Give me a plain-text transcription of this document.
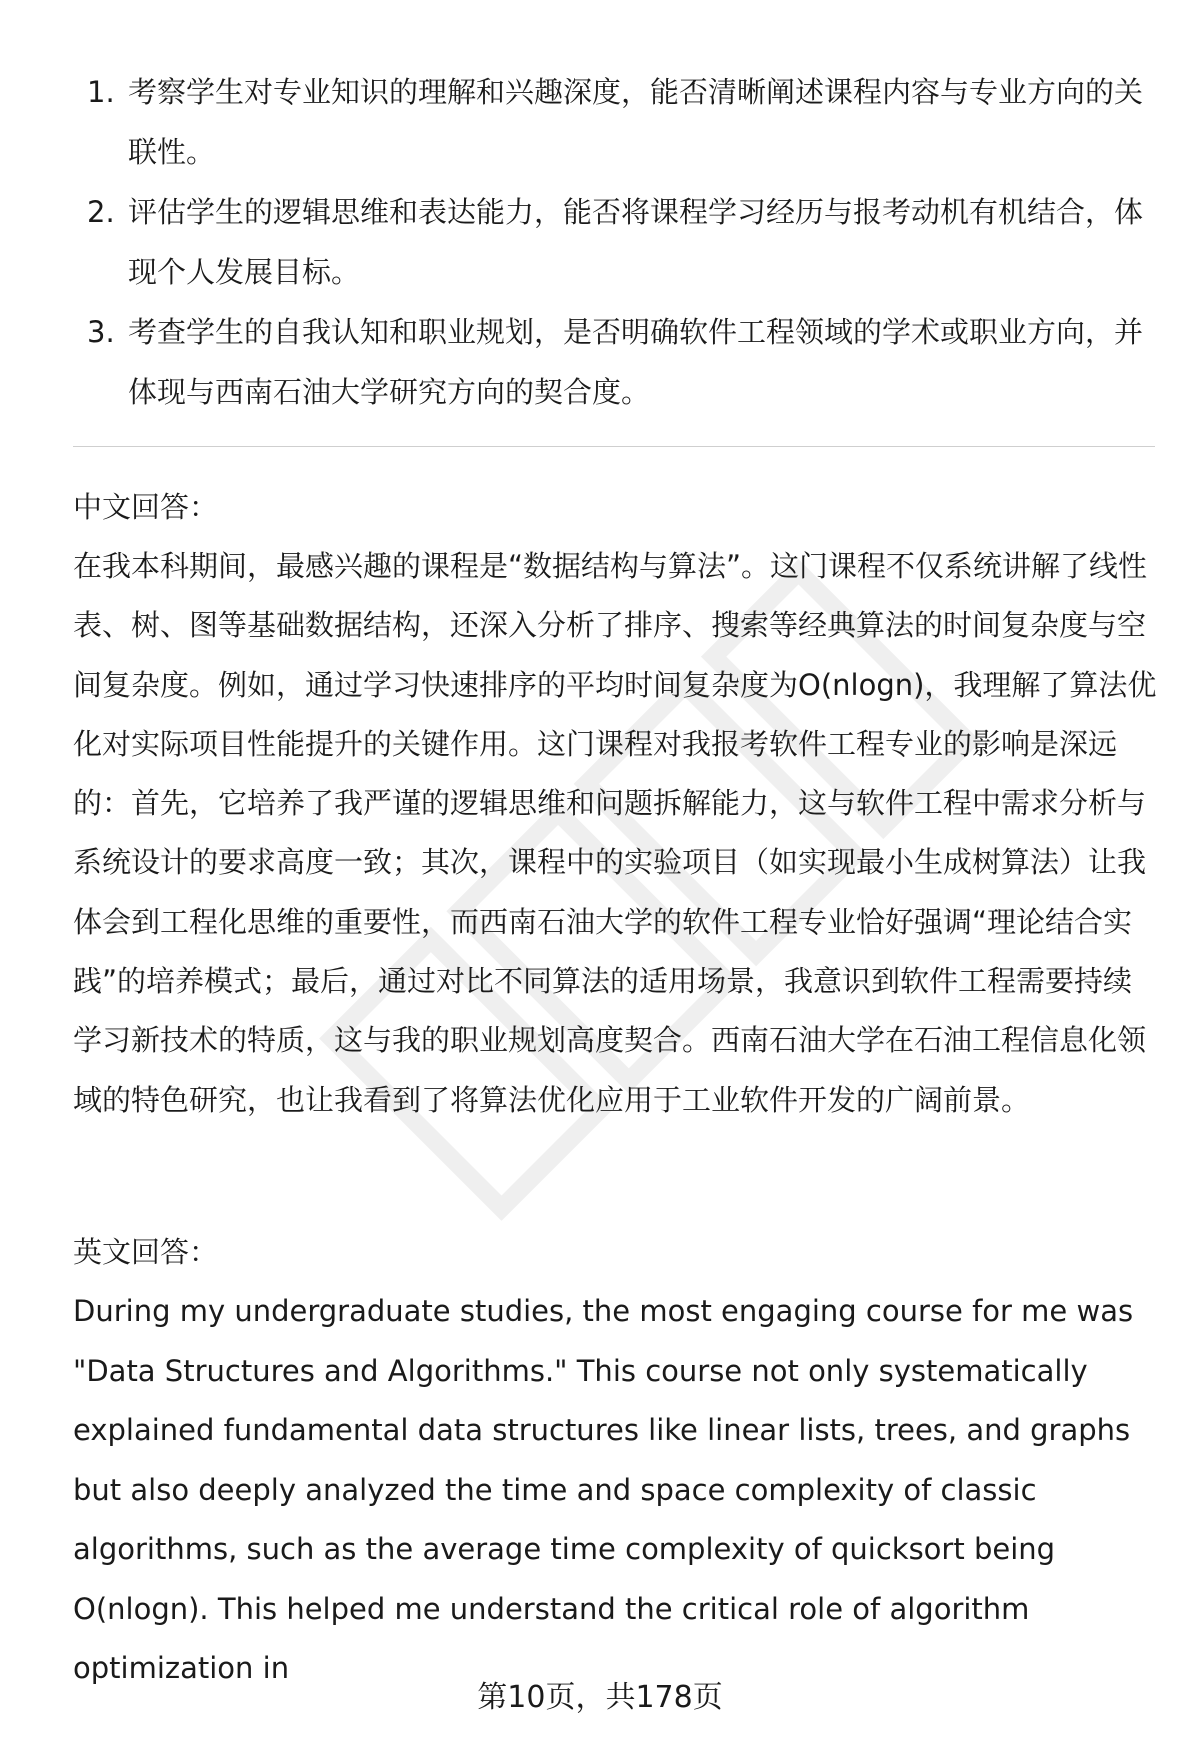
1. 考察学生对专业知识的理解和兴趣深度，能否清晰阐述课程内容与专业方向的关联性。
2. 评估学生的逻辑思维和表达能力，能否将课程学习经历与报考动机有机结合，体现个人发展目标。
3. 考查学生的自我认知和职业规划，是否明确软件工程领域的学术或职业方向，并体现与西南石油大学研究方向的契合度。
中文回答：

在我本科期间，最感兴趣的课程是“数据结构与算法”。这门课程不仅系统讲解了线性表、树、图等基础数据结构，还深入分析了排序、搜索等经典算法的时间复杂度与空间复杂度。例如，通过学习快速排序的平均时间复杂度为O(nlogn)，我理解了算法优化对实际项目性能提升的关键作用。这门课程对我报考软件工程专业的影响是深远的：首先，它培养了我严谨的逻辑思维和问题拆解能力，这与软件工程中需求分析与系统设计的要求高度一致；其次，课程中的实验项目（如实现最小生成树算法）让我体会到工程化思维的重要性，而西南石油大学的软件工程专业恰好强调“理论结合实践”的培养模式；最后，通过对比不同算法的适用场景，我意识到软件工程需要持续学习新技术的特质，这与我的职业规划高度契合。西南石油大学在石油工程信息化领域的特色研究，也让我看到了将算法优化应用于工业软件开发的广阔前景。

英文回答：

During my undergraduate studies, the most engaging course for me was "Data Structures and Algorithms." This course not only systematically explained fundamental data structures like linear lists, trees, and graphs but also deeply analyzed the time and space complexity of classic algorithms, such as the average time complexity of quicksort being O(nlogn). This helped me understand the critical role of algorithm optimization in

第10页，共178页
